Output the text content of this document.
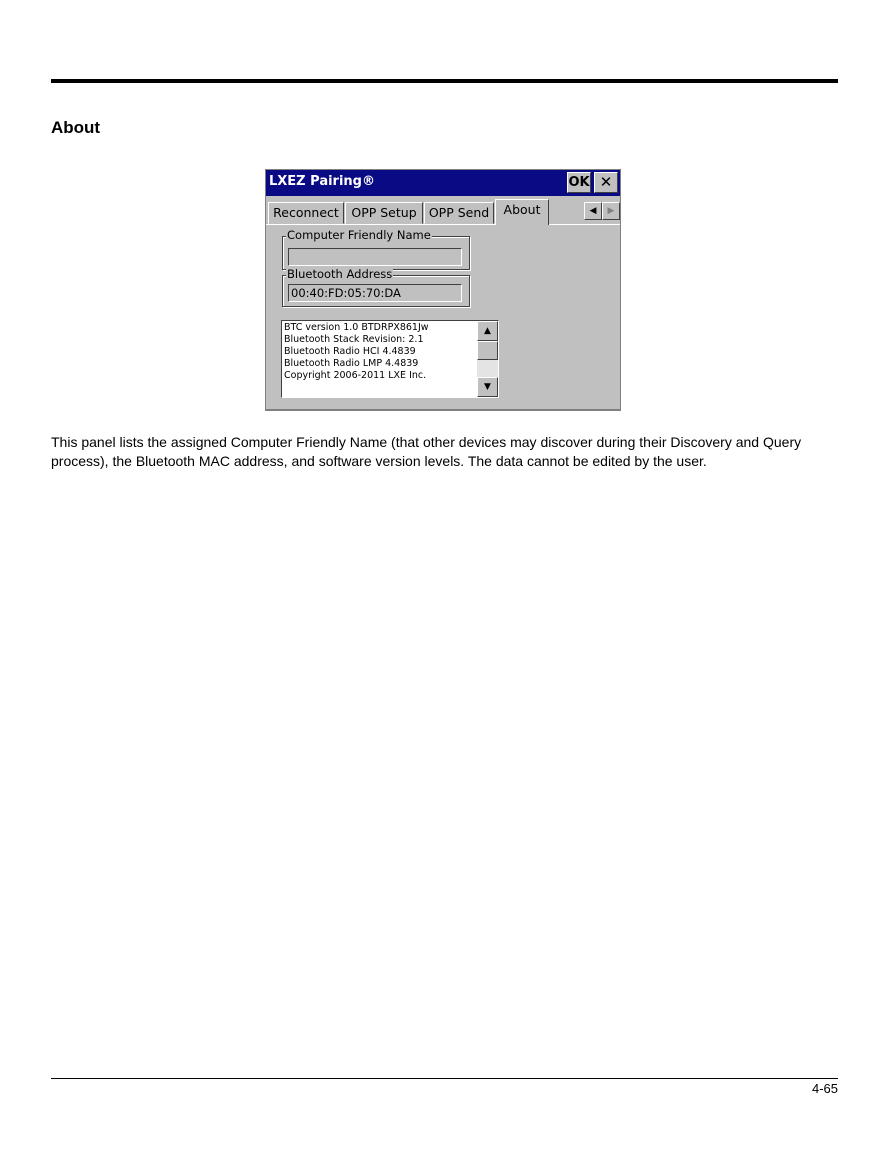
About
LXEZ Pairing®	OK ✕
Reconnect	OPP Setup OPP Send	About	◀	▶
Computer Friendly Name
Bluetooth Address
00:40:FD:05:70:DA
BTC version 1.0 BTDRPX861Jw
Bluetooth Stack Revision: 2.1
Bluetooth Radio HCI 4.4839
Bluetooth Radio LMP 4.4839
Copyright 2006-2011 LXE Inc.
▲
▼

This panel lists the assigned Computer Friendly Name (that other devices may discover during their Discovery and Query process), the Bluetooth MAC address, and software version levels. The data cannot be edited by the user.

4-65
